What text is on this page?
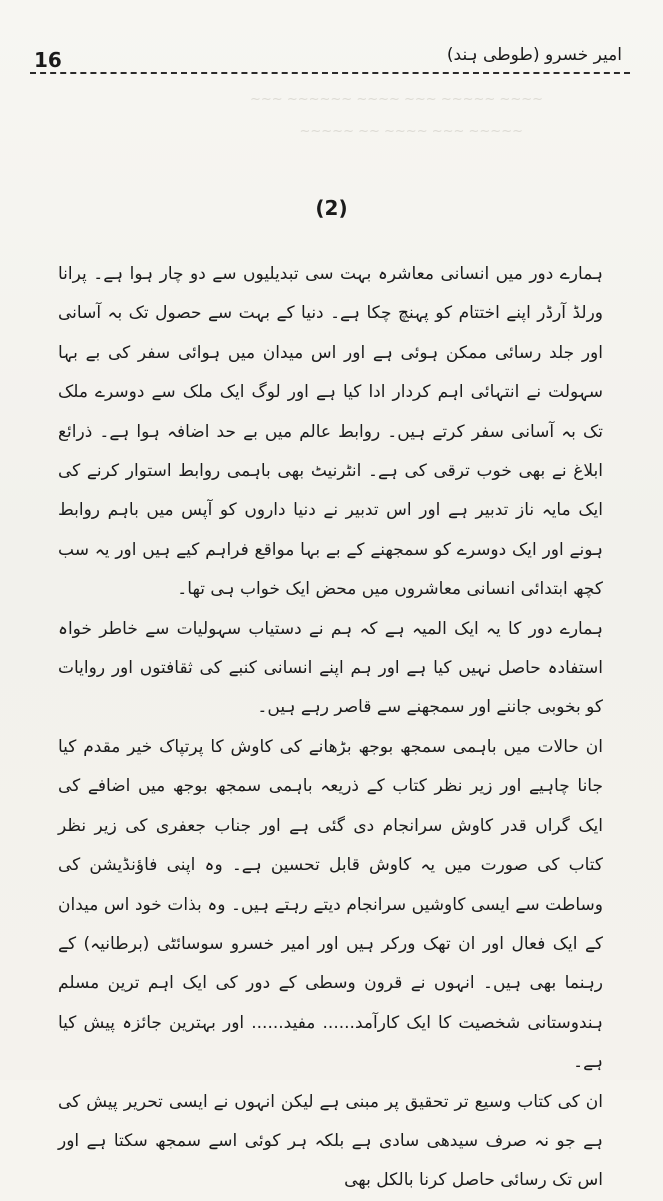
~~~~ ~~~~~ ~~~ ~~~~ ~~~~~~ ~~~
~~~~~ ~~~ ~~~~ ~~ ~~~~~
16	امیر خسرو (طوطی ہند)
(2)

ہمارے دور میں انسانی معاشرہ بہت سی تبدیلیوں سے دو چار ہوا ہے۔ پرانا ورلڈ آرڈر اپنے اختتام کو پہنچ چکا ہے۔ دنیا کے بہت سے حصول تک بہ آسانی اور جلد رسائی ممکن ہوئی ہے اور اس میدان میں ہوائی سفر کی بے بہا سہولت نے انتہائی اہم کردار ادا کیا ہے اور لوگ ایک ملک سے دوسرے ملک تک بہ آسانی سفر کرتے ہیں۔ روابط عالم میں بے حد اضافہ ہوا ہے۔ ذرائع ابلاغ نے بھی خوب ترقی کی ہے۔ انٹرنیٹ بھی باہمی روابط استوار کرنے کی ایک مایہ ناز تدبیر ہے اور اس تدبیر نے دنیا داروں کو آپس میں باہم روابط ہونے اور ایک دوسرے کو سمجھنے کے بے بہا مواقع فراہم کیے ہیں اور یہ سب کچھ ابتدائی انسانی معاشروں میں محض ایک خواب ہی تھا۔

ہمارے دور کا یہ ایک المیہ ہے کہ ہم نے دستیاب سہولیات سے خاطر خواہ استفادہ حاصل نہیں کیا ہے اور ہم اپنے انسانی کنبے کی ثقافتوں اور روایات کو بخوبی جاننے اور سمجھنے سے قاصر رہے ہیں۔

ان حالات میں باہمی سمجھ بوجھ بڑھانے کی کاوش کا پرتپاک خیر مقدم کیا جانا چاہیے اور زیر نظر کتاب کے ذریعہ باہمی سمجھ بوجھ میں اضافے کی ایک گراں قدر کاوش سرانجام دی گئی ہے اور جناب جعفری کی زیر نظر کتاب کی صورت میں یہ کاوش قابل تحسین ہے۔ وہ اپنی فاؤنڈیشن کی وساطت سے ایسی کاوشیں سرانجام دیتے رہتے ہیں۔ وہ بذات خود اس میدان کے ایک فعال اور ان تھک ورکر ہیں اور امیر خسرو سوسائٹی (برطانیہ) کے رہنما بھی ہیں۔ انہوں نے قرون وسطی کے دور کی ایک اہم ترین مسلم ہندوستانی شخصیت کا ایک کارآمد...... مفید...... اور بہترین جائزہ پیش کیا ہے۔

ان کی کتاب وسیع تر تحقیق پر مبنی ہے لیکن انہوں نے ایسی تحریر پیش کی ہے جو نہ صرف سیدھی سادی ہے بلکہ ہر کوئی اسے سمجھ سکتا ہے اور اس تک رسائی حاصل کرنا بالکل بھی
